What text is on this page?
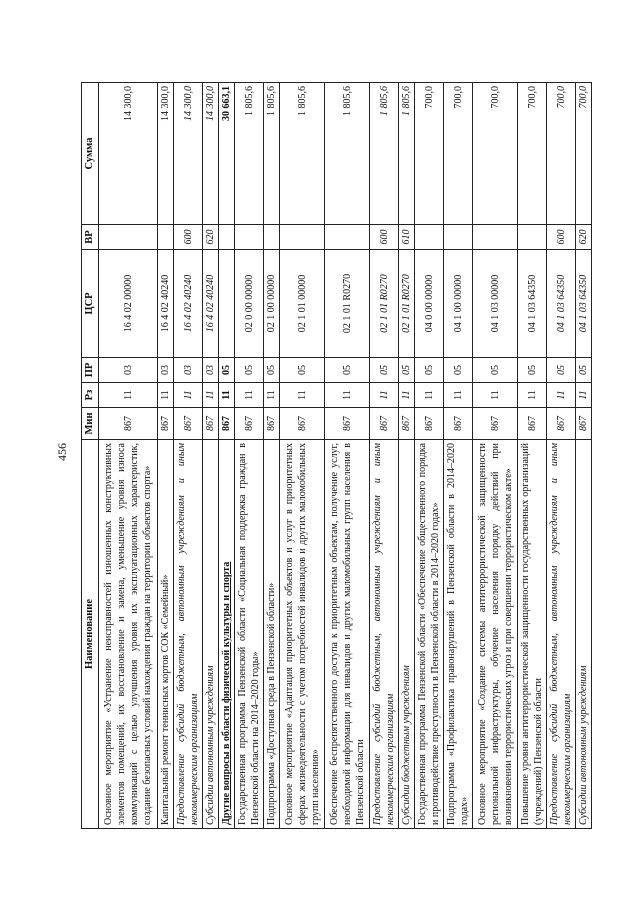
456
Наименование	Мин	Рз	ПР	ЦСР	ВР	Сумма
Основное мероприятие «Устранение неисправностей изношенных конструктивных элементов помещений, их восстановление и замена, уменьшение уровня износа коммуникаций с целью улучшения уровня их эксплуатационных характеристик, создание безопасных условий нахождения граждан на территории объектов спорта»	867	11	03	16 4 02 00000		14 300,0
Капитальный ремонт теннисных кортов СОК «Семейный»	867	11	03	16 4 02 40240		14 300,0
Предоставление субсидий бюджетным, автономным учреждениям и иным некоммерческим организациям	867	11	03	16 4 02 40240	600	14 300,0
Субсидии автономным учреждениям	867	11	03	16 4 02 40240	620	14 300,0
Другие вопросы в области физической культуры и спорта	867	11	05			30 663,1
Государственная программа Пензенской области «Социальная поддержка граждан в Пензенской области на 2014–2020 годы»	867	11	05	02 0 00 00000		1 805,6
Подпрограмма «Доступная среда в Пензенской области»	867	11	05	02 1 00 00000		1 805,6
Основное мероприятие «Адаптация приоритетных объектов и услуг в приоритетных сферах жизнедеятельности с учетом потребностей инвалидов и других маломобильных групп населения»	867	11	05	02 1 01 00000		1 805,6
Обеспечение беспрепятственного доступа к приоритетным объектам, получение услуг, необходимой информации для инвалидов и других маломобильных групп населения в Пензенской области	867	11	05	02 1 01 R0270		1 805,6
Предоставление субсидий бюджетным, автономным учреждениям и иным некоммерческим организациям	867	11	05	02 1 01 R0270	600	1 805,6
Субсидии бюджетным учреждениям	867	11	05	02 1 01 R0270	610	1 805,6
Государственная программа Пензенской области «Обеспечение общественного порядка и противодействие преступности в Пензенской области в 2014–2020 годах»	867	11	05	04 0 00 00000		700,0
Подпрограмма «Профилактика правонарушений в Пензенской области в 2014–2020 годах»	867	11	05	04 1 00 00000		700,0
Основное мероприятие «Создание системы антитеррористической защищенности региональной инфраструктуры, обучение населения порядку действий при возникновении террористических угроз и при совершении террористическом акте»	867	11	05	04 1 03 00000		700,0
Повышение уровня антитеррористической защищенности государственных организаций (учреждений) Пензенской области	867	11	05	04 1 03 64350		700,0
Предоставление субсидий бюджетным, автономным учреждениям и иным некоммерческим организациям	867	11	05	04 1 03 64350	600	700,0
Субсидии автономным учреждениям	867	11	05	04 1 03 64350	620	700,0
